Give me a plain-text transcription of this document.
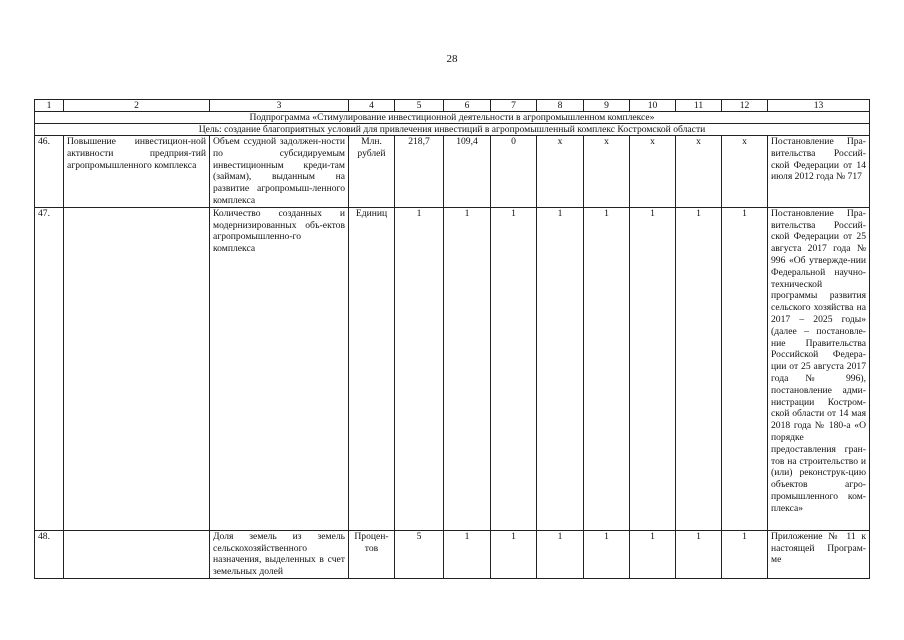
28
1	2	3	4	5	6	7	8	9	10	11	12	13
Подпрограмма «Стимулирование инвестиционной деятельности в агропромышленном комплексе»												
Цель: создание благоприятных условий для привлечения инвестиций в агропромышленный комплекс Костромской области												
46.	Повышение инвестицион-ной активности предприя-тий агропромышленного комплекса	Объем ссудной задолжен-ности по субсидируемым инвестиционным креди-там (займам), выданным на развитие агропромыш-ленного комплекса	Млн. рублей	218,7	109,4	0	х	х	х	х	х	Постановление Пра-вительства Россий-ской Федерации от 14 июля 2012 года № 717
47.		Количество созданных и модернизированных объ-ектов агропромышленно-го комплекса	Единиц	1	1	1	1	1	1	1	1	Постановление Пра-вительства Россий-ской Федерации от 25 августа 2017 года № 996 «Об утвержде-нии Федеральной научно-технической программы развития сельского хозяйства на 2017 – 2025 годы» (далее – постановле-ние Правительства Российской Федера-ции от 25 августа 2017 года № 996), постановление адми-нистрации Костром-ской области от 14 мая 2018 года № 180-а «О порядке предоставления гран-тов на строительство и (или) реконструк-цию объектов агро-промышленного ком-плекса»
48.		Доля земель из земель сельскохозяйственного назначения, выделенных в счет земельных долей	Процен-тов	5	1	1	1	1	1	1	1	Приложение № 11 к настоящей Програм-ме
